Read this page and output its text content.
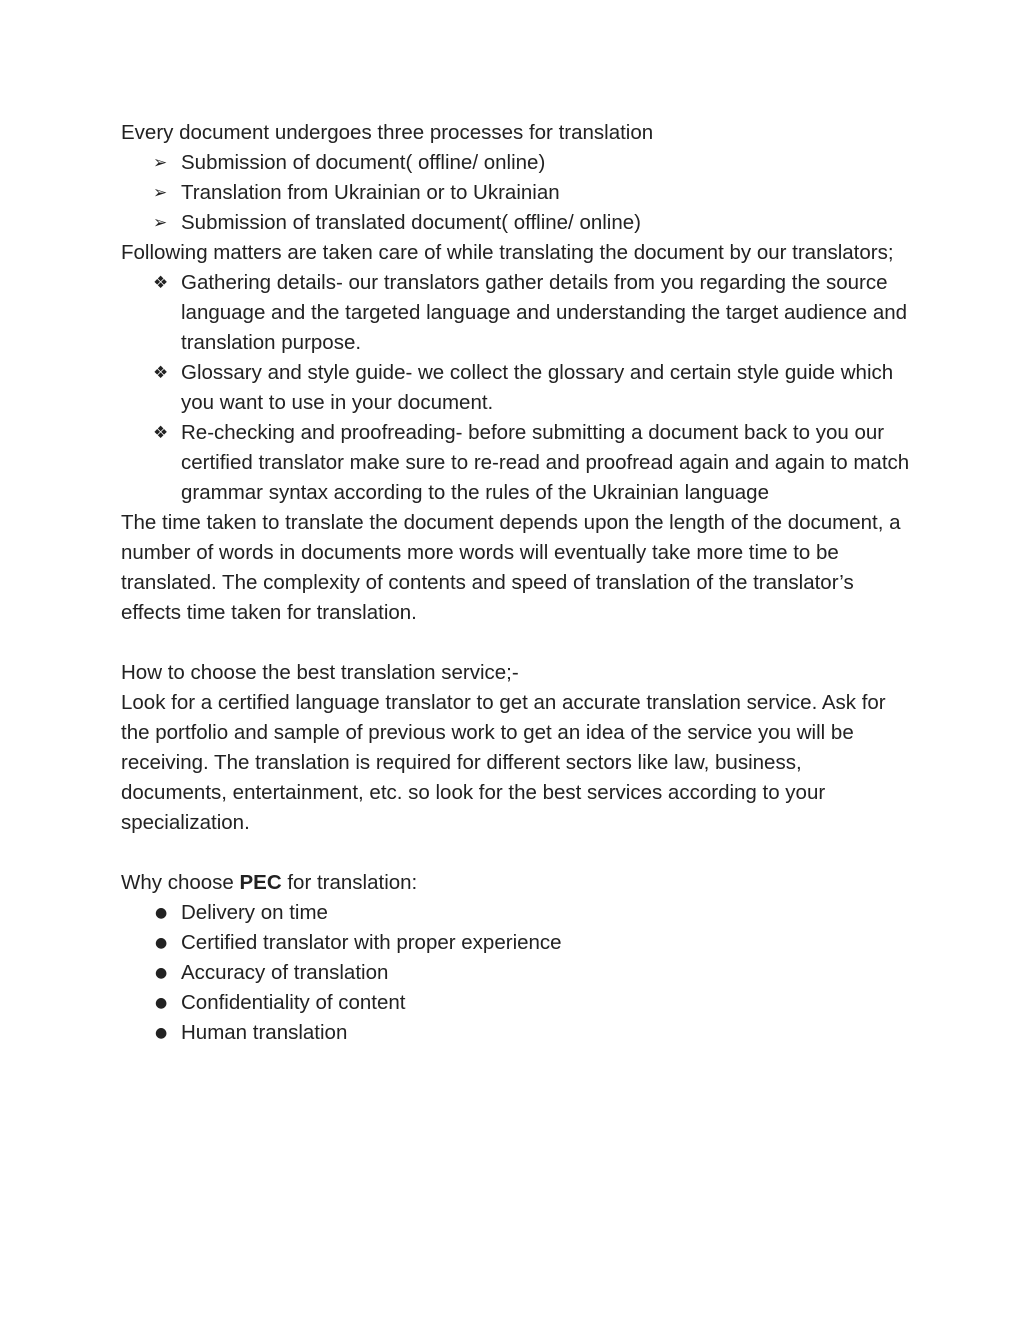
Every document undergoes three processes for translation

➢ Submission of document( offline/ online)
➢ Translation from Ukrainian or to Ukrainian
➢ Submission of translated document( offline/ online)

Following matters are taken care of while translating the document by our translators;

❖ Gathering details- our translators gather details from you regarding the source language and the targeted language and understanding the target audience and translation purpose.
❖ Glossary and style guide- we collect the glossary and certain style guide which you want to use in your document.
❖ Re-checking and proofreading- before submitting a document back to you our certified translator make sure to re-read and proofread again and again to match grammar syntax according to the rules of the Ukrainian language

The time taken to translate the document depends upon the length of the document, a number of words in documents more words will eventually take more time to be translated. The complexity of contents and speed of translation of the translator’s effects time taken for translation.

How to choose the best translation service;-

Look for a certified language translator to get an accurate translation service. Ask for the portfolio and sample of previous work to get an idea of the service you will be receiving. The translation is required for different sectors like law, business, documents, entertainment, etc. so look for the best services according to your specialization.

Why choose PEC for translation:

● Delivery on time
● Certified translator with proper experience
● Accuracy of translation
● Confidentiality of content
● Human translation
